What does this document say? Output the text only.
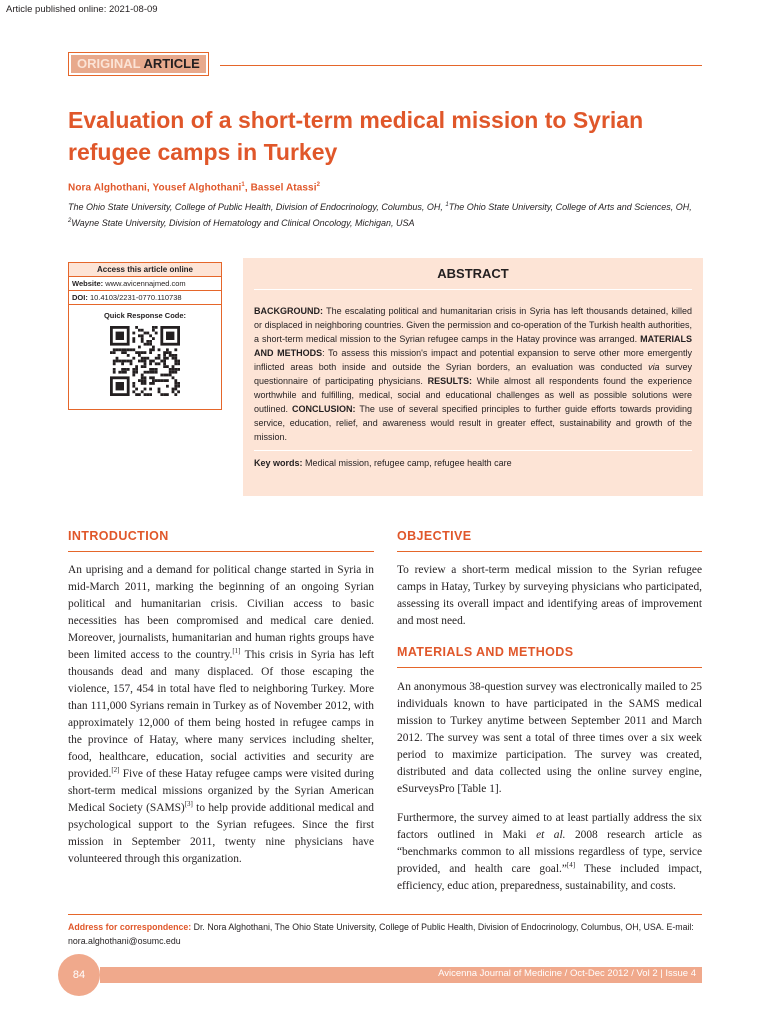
Article published online: 2021-08-09
ORIGINAL ARTICLE
Evaluation of a short-term medical mission to Syrian refugee camps in Turkey
Nora Alghothani, Yousef Alghothani$^1$, Bassel Atassi$^2$
The Ohio State University, College of Public Health, Division of Endocrinology, Columbus, OH, $^1$The Ohio State University, College of Arts and Sciences, OH, $^2$Wayne State University, Division of Hematology and Clinical Oncology, Michigan, USA
Access this article online
Website: www.avicennajmed.com
DOI: 10.4103/2231-0770.110738
Quick Response Code:
ABSTRACT
BACKGROUND: The escalating political and humanitarian crisis in Syria has left thousands detained, killed or displaced in neighboring countries. Given the permission and co-operation of the Turkish health authorities, a short-term medical mission to the Syrian refugee camps in the Hatay province was arranged. MATERIALS AND METHODS: To assess this mission's impact and potential expansion to serve other more emergently inflicted areas both inside and outside the Syrian borders, an evaluation was conducted via survey questionnaire of participating physicians. RESULTS: While almost all respondents found the experience worthwhile and fulfilling, medical, social and educational challenges as well as possible solutions were outlined. CONCLUSION: The use of several specified principles to further guide efforts towards providing service, education, relief, and awareness would result in greater effect, sustainability and growth of the mission.
Key words: Medical mission, refugee camp, refugee health care
INTRODUCTION

An uprising and a demand for political change started in Syria in mid-March 2011, marking the beginning of an ongoing Syrian political and humanitarian crisis. Civilian access to basic necessities has been compromised and medical care denied. Moreover, journalists, humanitarian and human rights groups have been limited access to the country.[1] This crisis in Syria has left thousands dead and many displaced. Of those escaping the violence, 157, 454 in total have fled to neighboring Turkey. More than 111,000 Syrians remain in Turkey as of November 2012, with approximately 12,000 of them being hosted in refugee camps in the province of Hatay, where many services including shelter, food, healthcare, education, social activities and security are provided.[2] Five of these Hatay refugee camps were visited during short-term medical missions organized by the Syrian American Medical Society (SAMS)[3] to help provide additional medical and psychological support to the Syrian refugees. Since the first mission in September 2011, twenty nine physicians have volunteered through this organization.

OBJECTIVE

To review a short-term medical mission to the Syrian refugee camps in Hatay, Turkey by surveying physicians who participated, assessing its overall impact and identifying areas of improvement and most need.

MATERIALS AND METHODS

An anonymous 38-question survey was electronically mailed to 25 individuals known to have participated in the SAMS medical mission to Turkey anytime between September 2011 and March 2012. The survey was sent a total of three times over a six week period to maximize participation. The survey was created, distributed and data collected using the online survey engine, eSurveysPro [Table 1].

Furthermore, the survey aimed to at least partially address the six factors outlined in Maki et al. 2008 research article as “benchmarks common to all missions regardless of type, service provided, and health care goal.”[4] These included impact, efficiency, educ ation, preparedness, sustainability, and costs.

Address for correspondence: Dr. Nora Alghothani, The Ohio State University, College of Public Health, Division of Endocrinology, Columbus, OH, USA. E-mail: nora.alghothani@osumc.edu
84	Avicenna Journal of Medicine / Oct-Dec 2012 / Vol 2 | Issue 4
